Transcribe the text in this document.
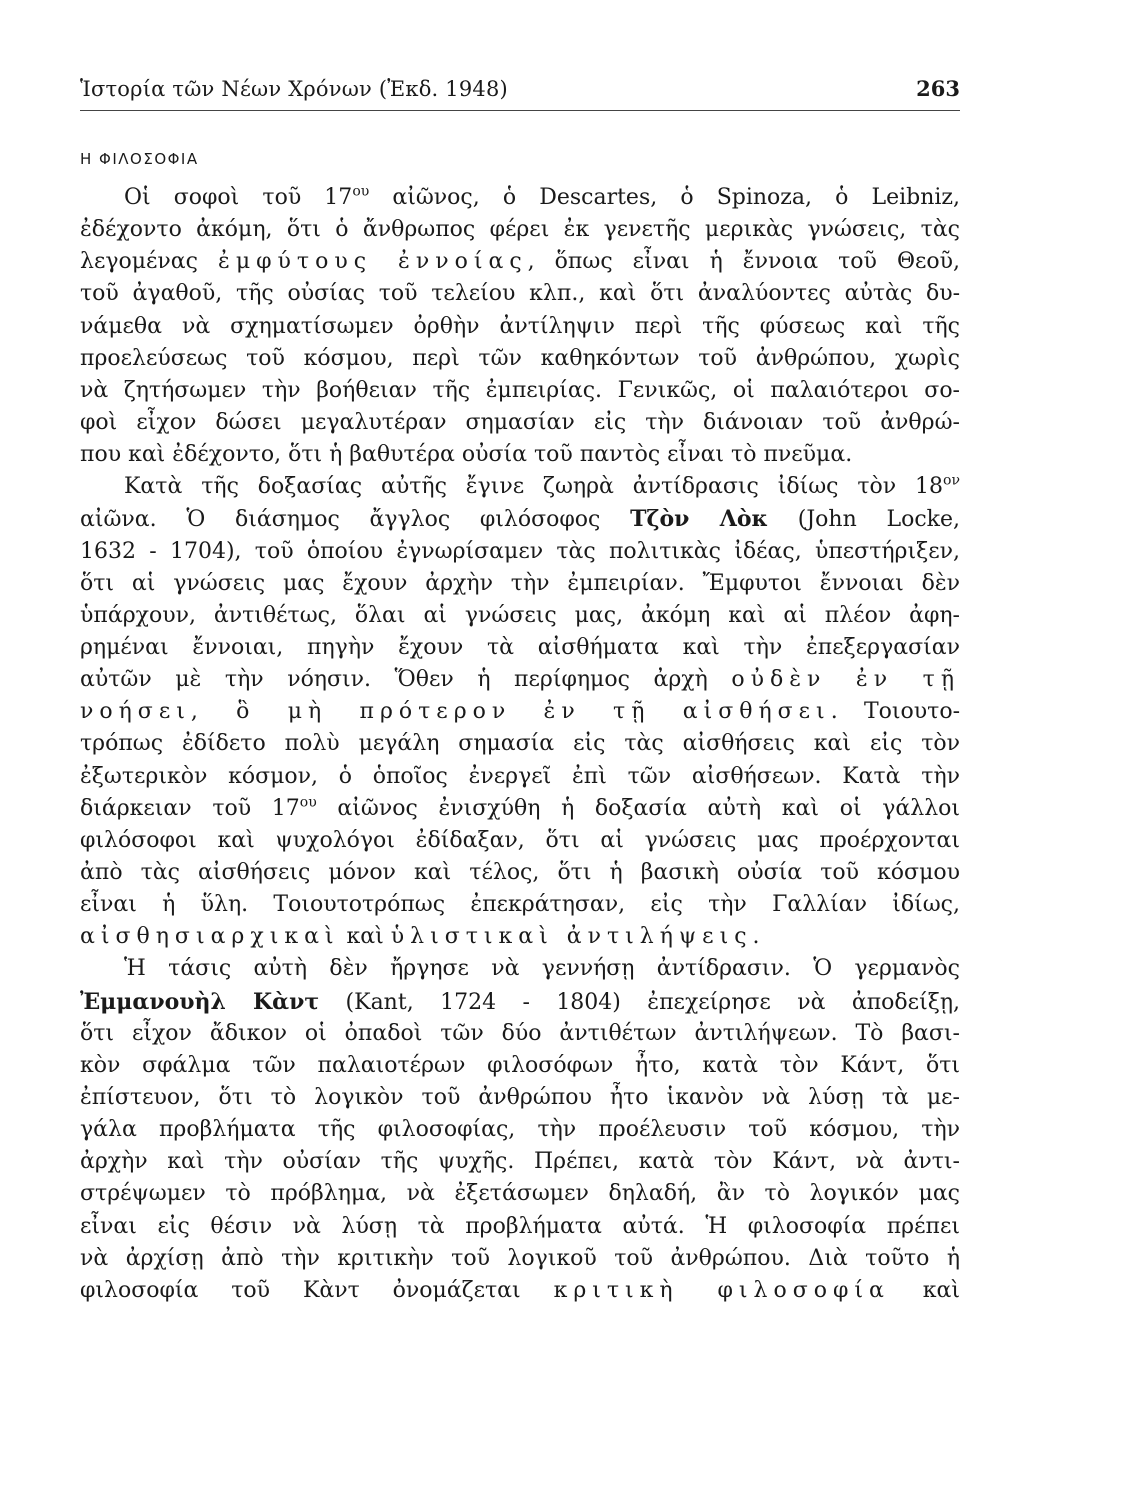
Ἱστορία τῶν Νέων Χρόνων (Ἐκδ. 1948)	263
Η ΦΙΛΟΣΟΦΙΑ
Οἱ σοφοὶ τοῦ $17^{o\upsilon}$ αἰῶνος, ὁ Descartes, ὁ Spinoza, ὁ Leibniz,
ἐδέχοντο ἀκόμη, ὅτι ὁ ἄνθρωπος φέρει ἐκ γενετῆς μερικὰς γνώσεις, τὰς
λεγομένας ἐμφύτους ἐννοίας, ὅπως εἶναι ἡ ἔννοια τοῦ Θεοῦ,
τοῦ ἀγαθοῦ, τῆς οὐσίας τοῦ τελείου κλπ., καὶ ὅτι ἀναλύοντες αὐτὰς δυ-
νάμεθα νὰ σχηματίσωμεν ὀρθὴν ἀντίληψιν περὶ τῆς φύσεως καὶ τῆς
προελεύσεως τοῦ κόσμου, περὶ τῶν καθηκόντων τοῦ ἀνθρώπου, χωρὶς
νὰ ζητήσωμεν τὴν βοήθειαν τῆς ἐμπειρίας. Γενικῶς, οἱ παλαιότεροι σο-
φοὶ εἶχον δώσει μεγαλυτέραν σημασίαν εἰς τὴν διάνοιαν τοῦ ἀνθρώ-
που καὶ ἐδέχοντο, ὅτι ἡ βαθυτέρα οὐσία τοῦ παντὸς εἶναι τὸ πνεῦμα.
Κατὰ τῆς δοξασίας αὐτῆς ἔγινε ζωηρὰ ἀντίδρασις ἰδίως τὸν $18^{o\nu}$
αἰῶνα. Ὁ διάσημος ἄγγλος φιλόσοφος Τζὸν Λὸκ (John Locke,
1632 - 1704), τοῦ ὁποίου ἐγνωρίσαμεν τὰς πολιτικὰς ἰδέας, ὑπεστήριξεν,
ὅτι αἱ γνώσεις μας ἔχουν ἀρχὴν τὴν ἐμπειρίαν. Ἔμφυτοι ἔννοιαι δὲν
ὑπάρχουν, ἀντιθέτως, ὅλαι αἱ γνώσεις μας, ἀκόμη καὶ αἱ πλέον ἀφη-
ρημέναι ἔννοιαι, πηγὴν ἔχουν τὰ αἰσθήματα καὶ τὴν ἐπεξεργασίαν
αὐτῶν μὲ τὴν νόησιν. Ὅθεν ἡ περίφημος ἀρχὴ οὐδὲν ἐν τῇ
νοήσει, ὃ μὴ πρότερον ἐν τῇ αἰσθήσει. Τοιουτο-
τρόπως ἐδίδετο πολὺ μεγάλη σημασία εἰς τὰς αἰσθήσεις καὶ εἰς τὸν
ἐξωτερικὸν κόσμον, ὁ ὁποῖος ἐνεργεῖ ἐπὶ τῶν αἰσθήσεων. Κατὰ τὴν
διάρκειαν τοῦ $17^{o\upsilon}$ αἰῶνος ἐνισχύθη ἡ δοξασία αὐτὴ καὶ οἱ γάλλοι
φιλόσοφοι καὶ ψυχολόγοι ἐδίδαξαν, ὅτι αἱ γνώσεις μας προέρχονται
ἀπὸ τὰς αἰσθήσεις μόνον καὶ τέλος, ὅτι ἡ βασικὴ οὐσία τοῦ κόσμου
εἶναι ἡ ὕλη. Τοιουτοτρόπως ἐπεκράτησαν, εἰς τὴν Γαλλίαν ἰδίως,
αἰσθησιαρχικαὶ καὶ ὑλιστικαὶ ἀντιλήψεις.
Ἡ τάσις αὐτὴ δὲν ἤργησε νὰ γεννήσῃ ἀντίδρασιν. Ὁ γερμανὸς
Ἐμμανουὴλ Κὰντ (Kant, 1724 - 1804) ἐπεχείρησε νὰ ἀποδείξῃ,
ὅτι εἶχον ἄδικον οἱ ὀπαδοὶ τῶν δύο ἀντιθέτων ἀντιλήψεων. Τὸ βασι-
κὸν σφάλμα τῶν παλαιοτέρων φιλοσόφων ἦτο, κατὰ τὸν Κάντ, ὅτι
ἐπίστευον, ὅτι τὸ λογικὸν τοῦ ἀνθρώπου ἦτο ἱκανὸν νὰ λύσῃ τὰ με-
γάλα προβλήματα τῆς φιλοσοφίας, τὴν προέλευσιν τοῦ κόσμου, τὴν
ἀρχὴν καὶ τὴν οὐσίαν τῆς ψυχῆς. Πρέπει, κατὰ τὸν Κάντ, νὰ ἀντι-
στρέψωμεν τὸ πρόβλημα, νὰ ἐξετάσωμεν δηλαδή, ἂν τὸ λογικόν μας
εἶναι εἰς θέσιν νὰ λύσῃ τὰ προβλήματα αὐτά. Ἡ φιλοσοφία πρέπει
νὰ ἀρχίσῃ ἀπὸ τὴν κριτικὴν τοῦ λογικοῦ τοῦ ἀνθρώπου. Διὰ τοῦτο ἡ
φιλοσοφία τοῦ Κὰντ ὀνομάζεται κριτικὴ φιλοσοφία καὶ
